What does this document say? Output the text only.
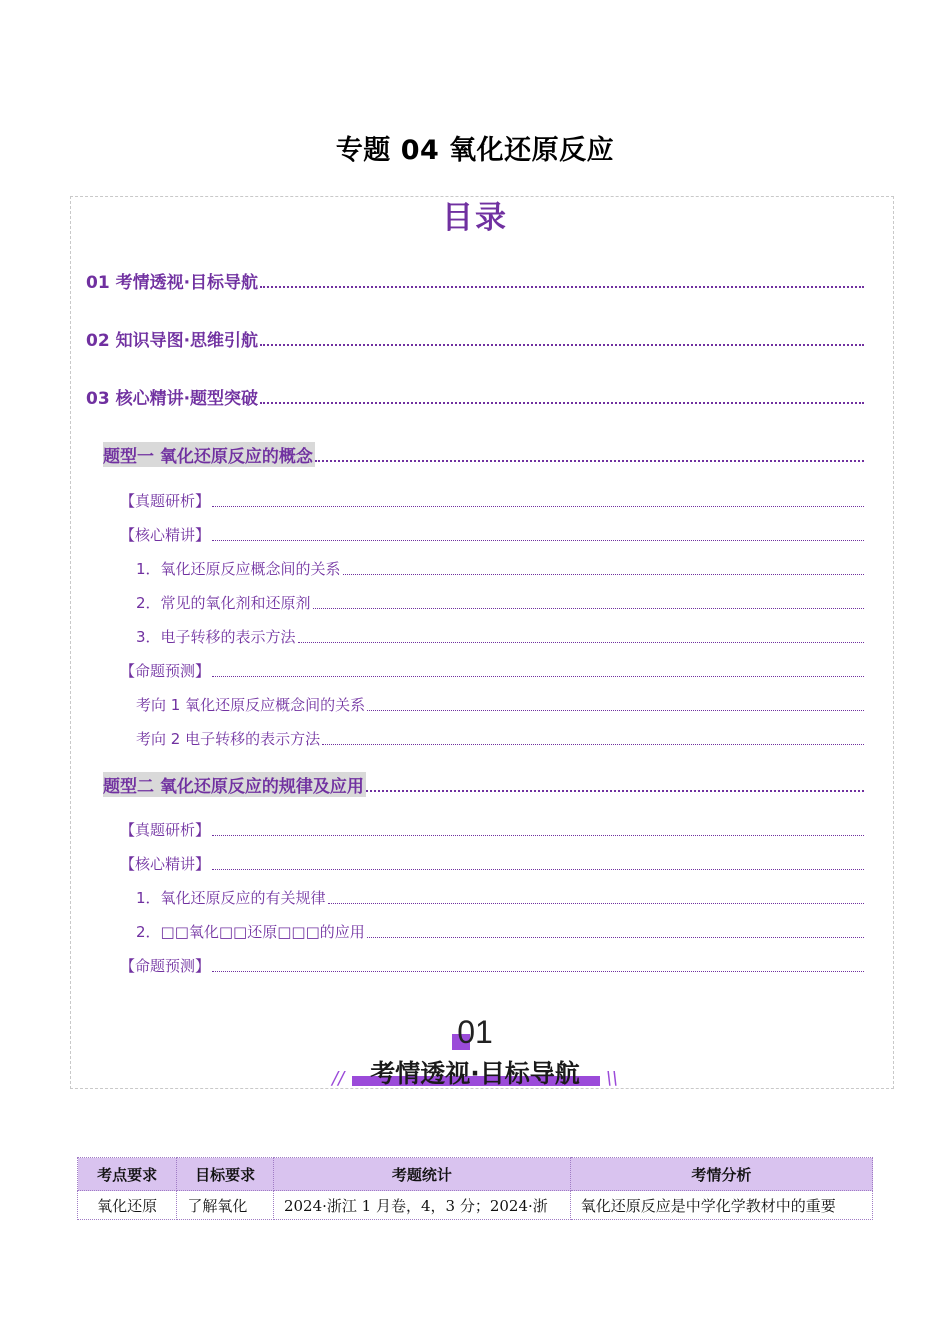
专题 04 氧化还原反应
目录
01 考情透视·目标导航
02 知识导图·思维引航
03 核心精讲·题型突破
题型一 氧化还原反应的概念
【真题研析】
【核心精讲】
1．氧化还原反应概念间的关系
2．常见的氧化剂和还原剂
3．电子转移的表示方法
【命题预测】
考向 1 氧化还原反应概念间的关系
考向 2 电子转移的表示方法
题型二 氧化还原反应的规律及应用
【真题研析】
【核心精讲】
1．氧化还原反应的有关规律
2．□□氧化□□还原□□□的应用
【命题预测】
01
考情透视·目标导航
//	\\
考点要求	目标要求	考题统计	考情分析
氧化还原	了解氧化	2024·浙江 1 月卷，4，3 分；2024·浙	氧化还原反应是中学化学教材中的重要
